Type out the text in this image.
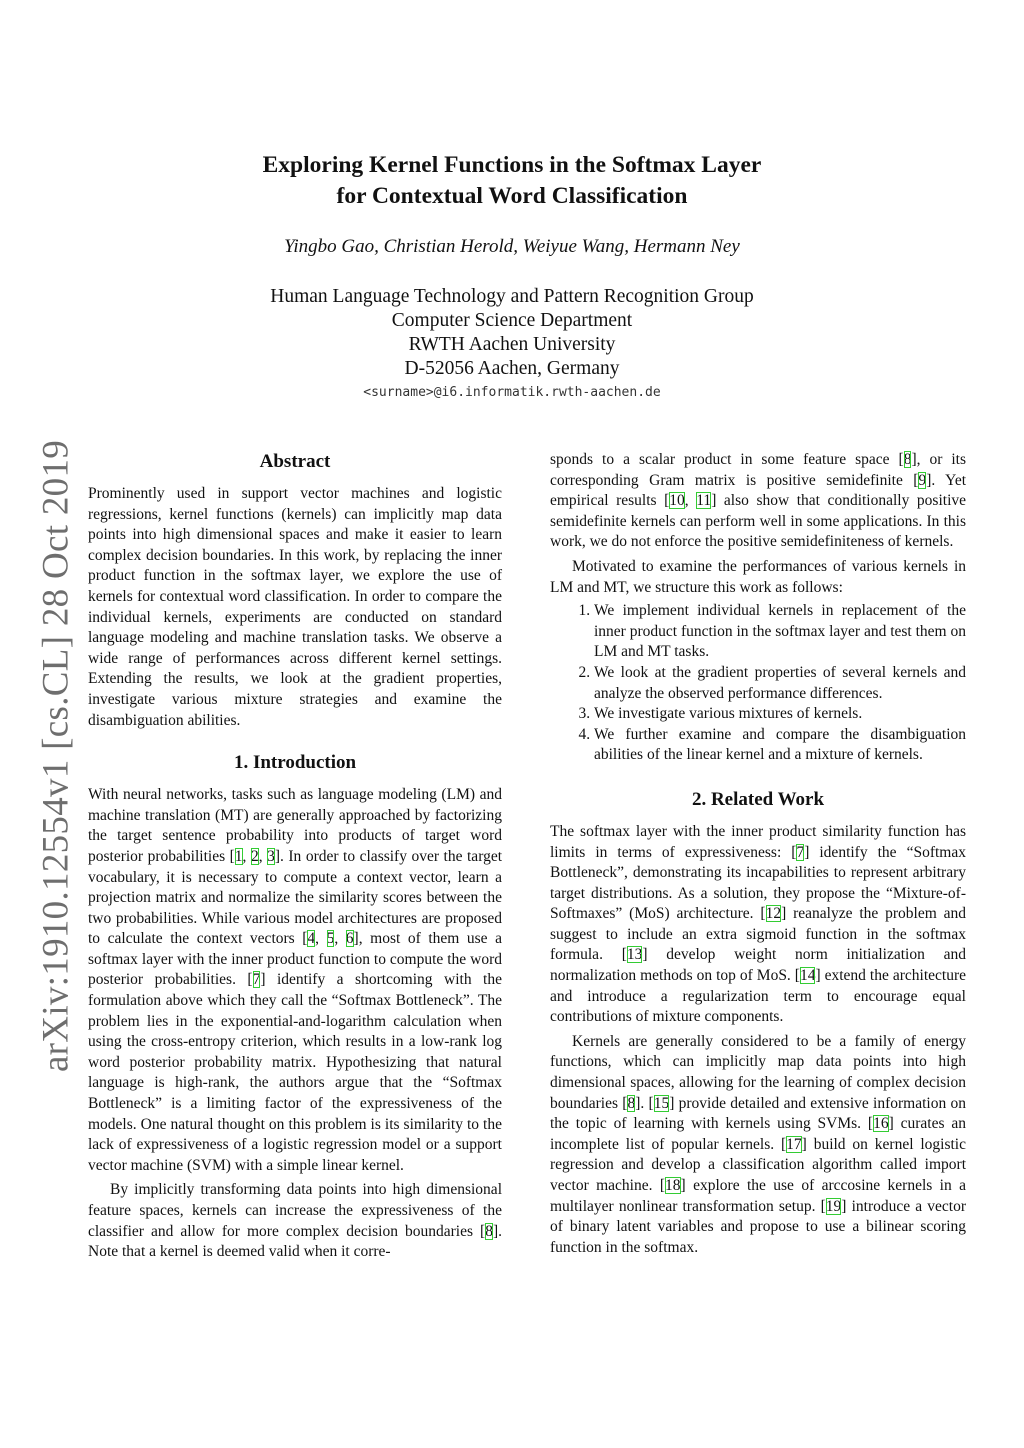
arXiv:1910.12554v1 [cs.CL] 28 Oct 2019
Exploring Kernel Functions in the Softmax Layer
for Contextual Word Classification
Yingbo Gao, Christian Herold, Weiyue Wang, Hermann Ney
Human Language Technology and Pattern Recognition Group
Computer Science Department
RWTH Aachen University
D-52056 Aachen, Germany
<surname>@i6.informatik.rwth-aachen.de
Abstract

Prominently used in support vector machines and logistic regressions, kernel functions (kernels) can implicitly map data points into high dimensional spaces and make it easier to learn complex decision boundaries. In this work, by replacing the inner product function in the softmax layer, we explore the use of kernels for contextual word classification. In order to compare the individual kernels, experiments are conducted on standard language modeling and machine translation tasks. We observe a wide range of performances across different kernel settings. Extending the results, we look at the gradient properties, investigate various mixture strategies and examine the disambiguation abilities.

1. Introduction

With neural networks, tasks such as language modeling (LM) and machine translation (MT) are generally approached by factorizing the target sentence probability into products of target word posterior probabilities [1, 2, 3]. In order to classify over the target vocabulary, it is necessary to compute a context vector, learn a projection matrix and normalize the similarity scores between the two probabilities. While various model architectures are proposed to calculate the context vectors [4, 5, 6], most of them use a softmax layer with the inner product function to compute the word posterior probabilities. [7] identify a shortcoming with the formulation above which they call the “Softmax Bottleneck”. The problem lies in the exponential-and-logarithm calculation when using the cross-entropy criterion, which results in a low-rank log word posterior probability matrix. Hypothesizing that natural language is high-rank, the authors argue that the “Softmax Bottleneck” is a limiting factor of the expressiveness of the models. One natural thought on this problem is its similarity to the lack of expressiveness of a logistic regression model or a support vector machine (SVM) with a simple linear kernel.

By implicitly transforming data points into high dimensional feature spaces, kernels can increase the expressiveness of the classifier and allow for more complex decision boundaries [8]. Note that a kernel is deemed valid when it corre-

sponds to a scalar product in some feature space [8], or its corresponding Gram matrix is positive semidefinite [9]. Yet empirical results [10, 11] also show that conditionally positive semidefinite kernels can perform well in some applications. In this work, we do not enforce the positive semidefiniteness of kernels.

Motivated to examine the performances of various kernels in LM and MT, we structure this work as follows:

1. We implement individual kernels in replacement of the inner product function in the softmax layer and test them on LM and MT tasks.
2. We look at the gradient properties of several kernels and analyze the observed performance differences.
3. We investigate various mixtures of kernels.
4. We further examine and compare the disambiguation abilities of the linear kernel and a mixture of kernels.
2. Related Work

The softmax layer with the inner product similarity function has limits in terms of expressiveness: [7] identify the “Softmax Bottleneck”, demonstrating its incapabilities to represent arbitrary target distributions. As a solution, they propose the “Mixture-of-Softmaxes” (MoS) architecture. [12] reanalyze the problem and suggest to include an extra sigmoid function in the softmax formula. [13] develop weight norm initialization and normalization methods on top of MoS. [14] extend the architecture and introduce a regularization term to encourage equal contributions of mixture components.

Kernels are generally considered to be a family of energy functions, which can implicitly map data points into high dimensional spaces, allowing for the learning of complex decision boundaries [8]. [15] provide detailed and extensive information on the topic of learning with kernels using SVMs. [16] curates an incomplete list of popular kernels. [17] build on kernel logistic regression and develop a classification algorithm called import vector machine. [18] explore the use of arccosine kernels in a multilayer nonlinear transformation setup. [19] introduce a vector of binary latent variables and propose to use a bilinear scoring function in the softmax.
